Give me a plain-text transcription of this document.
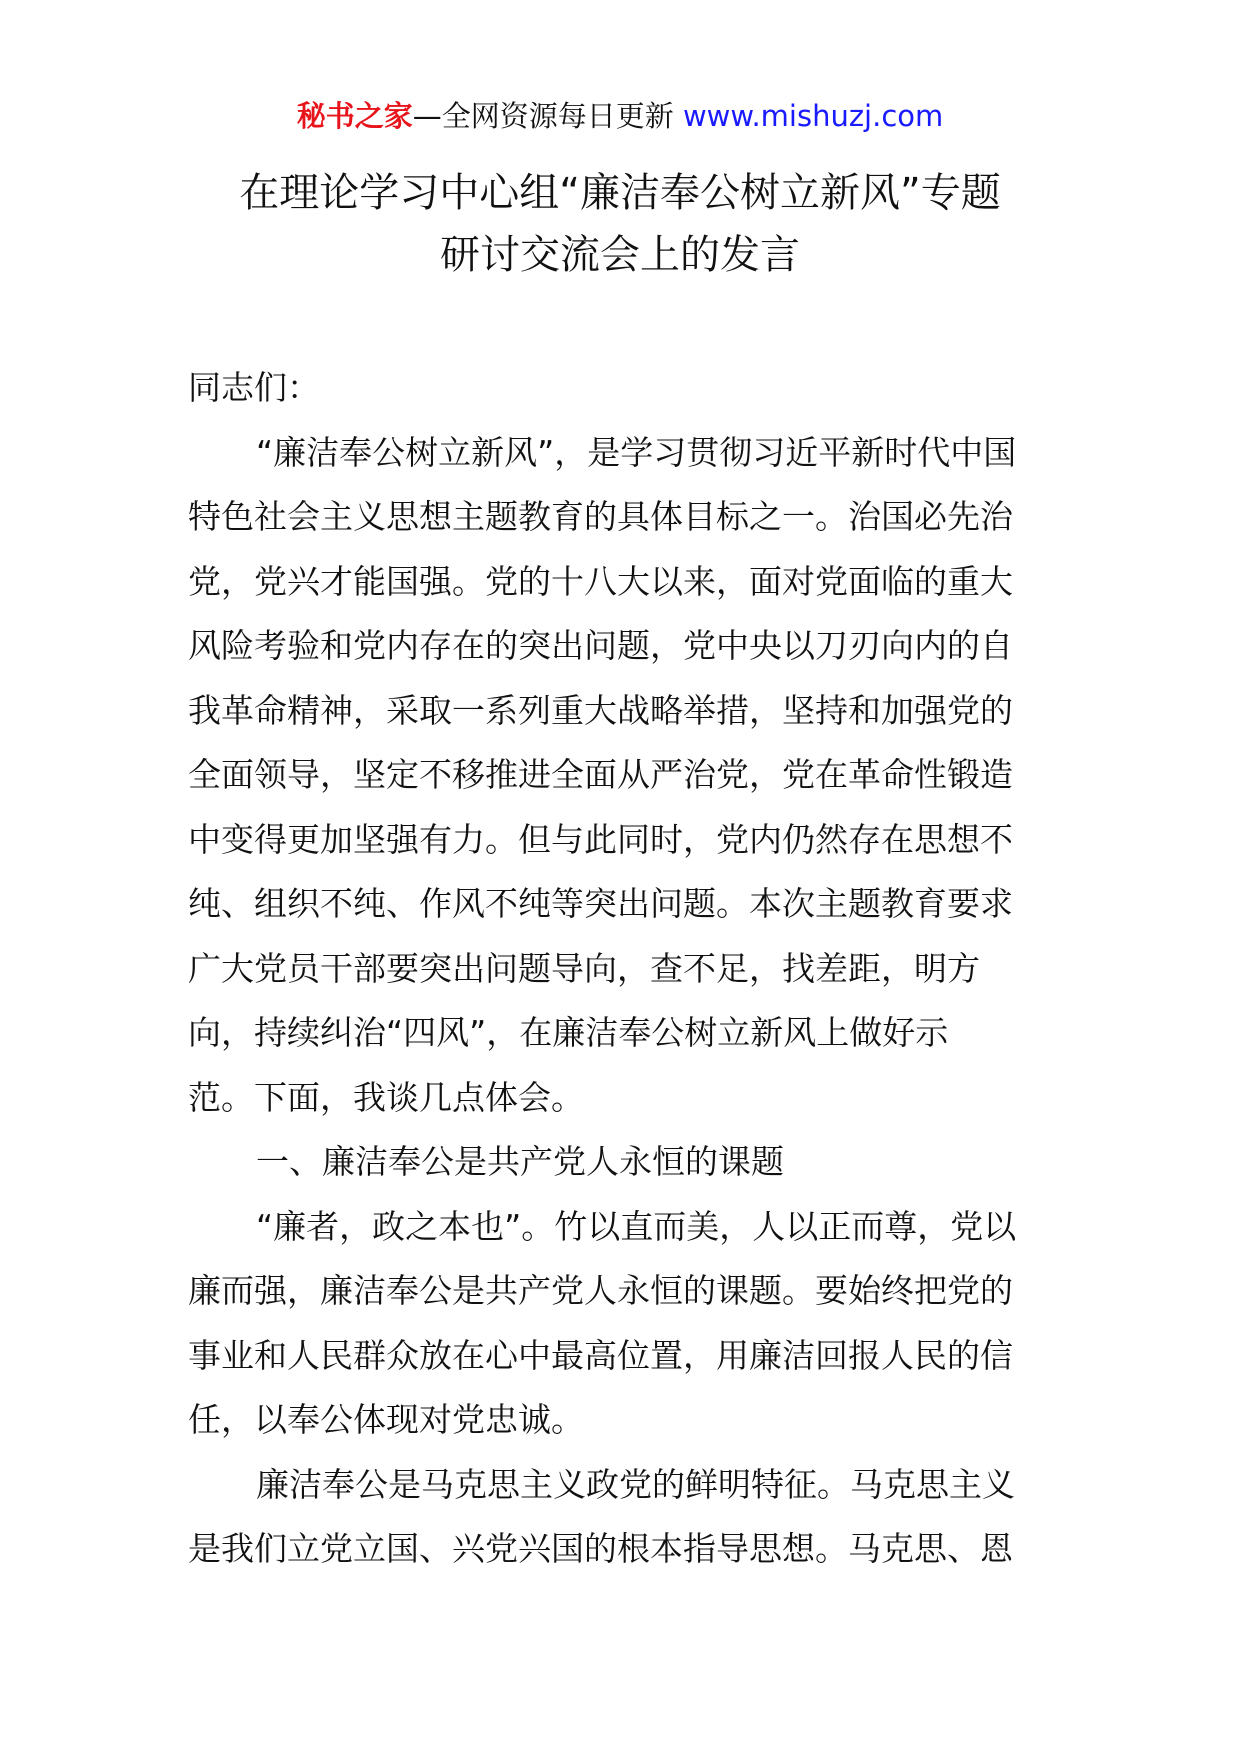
秘书之家—全网资源每日更新 www.mishuzj.com
在理论学习中心组“廉洁奉公树立新风”专题
研讨交流会上的发言
同志们：
“廉洁奉公树立新风”，是学习贯彻习近平新时代中国
特色社会主义思想主题教育的具体目标之一。治国必先治
党，党兴才能国强。党的十八大以来，面对党面临的重大
风险考验和党内存在的突出问题，党中央以刀刃向内的自
我革命精神，采取一系列重大战略举措，坚持和加强党的
全面领导，坚定不移推进全面从严治党，党在革命性锻造
中变得更加坚强有力。但与此同时，党内仍然存在思想不
纯、组织不纯、作风不纯等突出问题。本次主题教育要求
广大党员干部要突出问题导向，查不足，找差距，明方
向，持续纠治“四风”，在廉洁奉公树立新风上做好示
范。下面，我谈几点体会。
一、廉洁奉公是共产党人永恒的课题
“廉者，政之本也”。竹以直而美，人以正而尊，党以
廉而强，廉洁奉公是共产党人永恒的课题。要始终把党的
事业和人民群众放在心中最高位置，用廉洁回报人民的信
任，以奉公体现对党忠诚。
廉洁奉公是马克思主义政党的鲜明特征。马克思主义
是我们立党立国、兴党兴国的根本指导思想。马克思、恩
